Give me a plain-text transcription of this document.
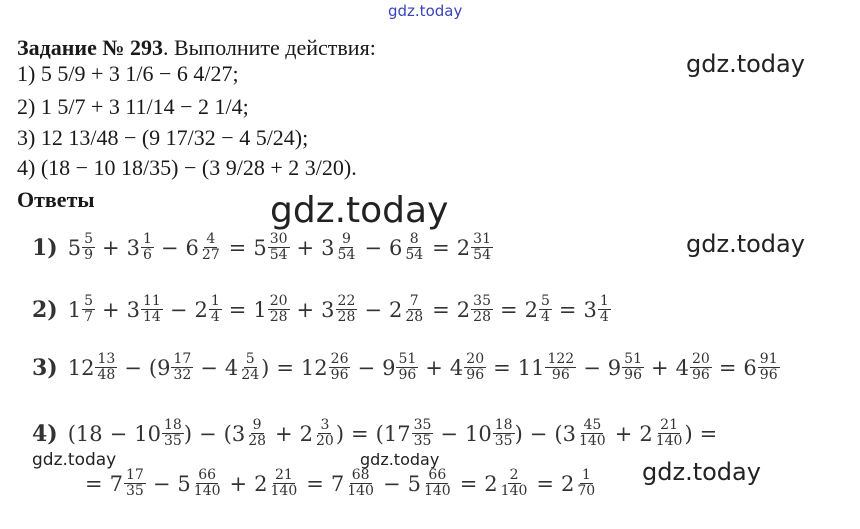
gdz.today
gdz.today
gdz.today
gdz.today
gdz.today	gdz.today	gdz.today
Задание № 293. Выполните действия:
1) 5 5/9 + 3 1/6 − 6 4/27;
2) 1 5/7 + 3 11/14 − 2 1/4;
3) 12 13/48 − (9 17/32 − 4 5/24);
4) (18 − 10 18/35) − (3 9/28 + 2 3/20).
Ответы
1) $5 \frac{5}{9} + 3 \frac{1}{6} - 6 \frac{4}{27} = 5 \frac{30}{54} + 3 \frac{9}{54} - 6 \frac{8}{54} = 2 \frac{31}{54}$
2) $1 \frac{5}{7} + 3 \frac{11}{14} - 2 \frac{1}{4} = 1 \frac{20}{28} + 3 \frac{22}{28} - 2 \frac{7}{28} = 2 \frac{35}{28} = 2 \frac{5}{4} = 3 \frac{1}{4}$
3) $12 \frac{13}{48}$ − ( $9 \frac{17}{32} - 4 \frac{5}{24}$ ) = $12 \frac{26}{96} - 9 \frac{51}{96} + 4 \frac{20}{96} = 11 \frac{122}{96} - 9 \frac{51}{96} + 4 \frac{20}{96} = 6 \frac{91}{96}$
4) ($18 - 10 \frac{18}{35}$ ) − ( $3 \frac{9}{28} + 2 \frac{3}{20}$ ) = ( $17 \frac{35}{35} - 10 \frac{18}{35}$ ) − ( $3 \frac{45}{140} + 2 \frac{21}{140}$ ) =
= $7 \frac{17}{35} - 5 \frac{66}{140} + 2 \frac{21}{140} = 7 \frac{68}{140} - 5 \frac{66}{140} = 2 \frac{2}{140} = 2 \frac{1}{70}$
